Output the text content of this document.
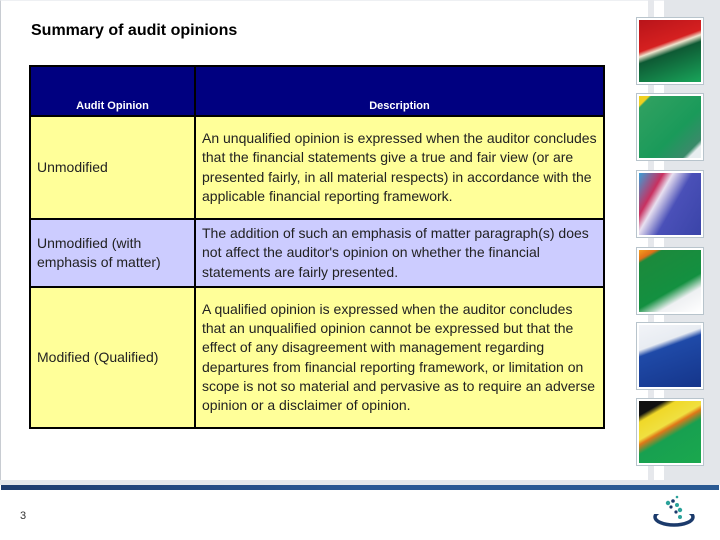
Summary of audit opinions
Audit Opinion	Description
Unmodified	An unqualified opinion is expressed when the auditor concludes that the financial statements give a true and fair view (or are presented fairly, in all material respects) in accordance with the applicable financial reporting framework.
Unmodified (with emphasis of matter)	The addition of such an emphasis of matter paragraph(s) does not affect the auditor's opinion on whether the financial statements are fairly presented.
Modified (Qualified)	A qualified opinion is expressed when the auditor concludes that an unqualified opinion cannot be expressed but that the effect of any disagreement with management regarding departures from financial reporting framework, or limitation on scope is not so material and pervasive as to require an adverse opinion or a disclaimer of opinion.
3
